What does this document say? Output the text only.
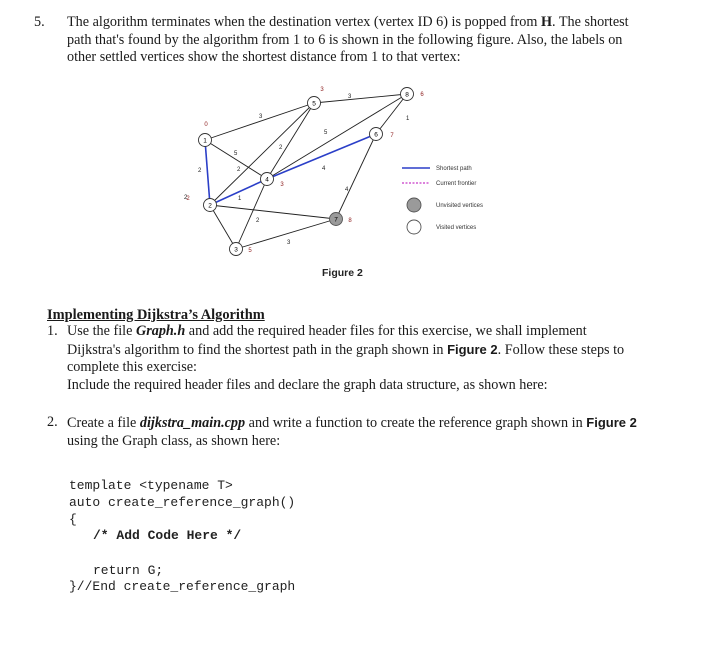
5. The algorithm terminates when the destination vertex (vertex ID 6) is popped from H. The shortest
path that's found by the algorithm from 1 to 6 is shown in the following figure. Also, the labels on
other settled vertices show the shortest distance from 1 to that vertex:
3
2
5
2
2	1
2
3
4
5
3
4
1
2
1
0
2
2
3 5
4
3
5
3
6 7
7 8
8 6
Shortest path
Current frontier
Unvisited vertices
Visited vertices
Figure 2
Implementing Dijkstra’s Algorithm
1. Use the file Graph.h and add the required header files for this exercise, we shall implement
Dijkstra's algorithm to find the shortest path in the graph shown in Figure 2. Follow these steps to
complete this exercise:
Include the required header files and declare the graph data structure, as shown here:
2. Create a file dijkstra_main.cpp and write a function to create the reference graph shown in Figure 2
using the Graph class, as shown here:
template <typename T>
auto create_reference_graph()
{
/* Add Code Here */
return G;
}//End create_reference_graph
